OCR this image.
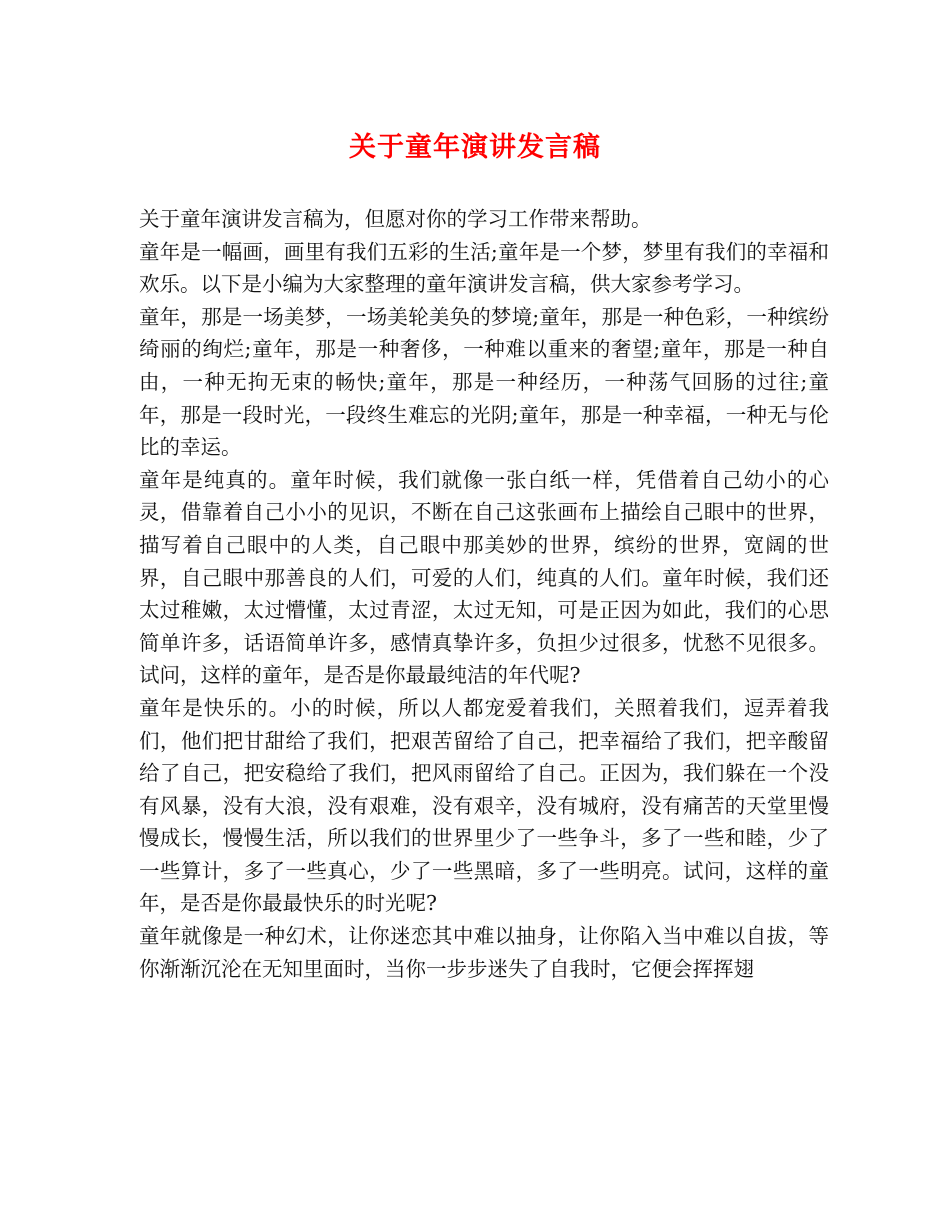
关于童年演讲发言稿

关于童年演讲发言稿为，但愿对你的学习工作带来帮助。

童年是一幅画，画里有我们五彩的生活;童年是一个梦，梦里有我们的幸福和欢乐。以下是小编为大家整理的童年演讲发言稿，供大家参考学习。

童年，那是一场美梦，一场美轮美奂的梦境;童年，那是一种色彩，一种缤纷绮丽的绚烂;童年，那是一种奢侈，一种难以重来的奢望;童年，那是一种自由，一种无拘无束的畅快;童年，那是一种经历，一种荡气回肠的过往;童年，那是一段时光，一段终生难忘的光阴;童年，那是一种幸福，一种无与伦比的幸运。

童年是纯真的。童年时候，我们就像一张白纸一样，凭借着自己幼小的心灵，借靠着自己小小的见识，不断在自己这张画布上描绘自己眼中的世界，描写着自己眼中的人类，自己眼中那美妙的世界，缤纷的世界，宽阔的世界，自己眼中那善良的人们，可爱的人们，纯真的人们。童年时候，我们还太过稚嫩，太过懵懂，太过青涩，太过无知，可是正因为如此，我们的心思简单许多，话语简单许多，感情真挚许多，负担少过很多，忧愁不见很多。试问，这样的童年，是否是你最最纯洁的年代呢?

童年是快乐的。小的时候，所以人都宠爱着我们，关照着我们，逗弄着我们，他们把甘甜给了我们，把艰苦留给了自己，把幸福给了我们，把辛酸留给了自己，把安稳给了我们，把风雨留给了自己。正因为，我们躲在一个没有风暴，没有大浪，没有艰难，没有艰辛，没有城府，没有痛苦的天堂里慢慢成长，慢慢生活，所以我们的世界里少了一些争斗，多了一些和睦，少了一些算计，多了一些真心，少了一些黑暗，多了一些明亮。试问，这样的童年，是否是你最最快乐的时光呢?

童年就像是一种幻术，让你迷恋其中难以抽身，让你陷入当中难以自拔，等你渐渐沉沦在无知里面时，当你一步步迷失了自我时，它便会挥挥翅
